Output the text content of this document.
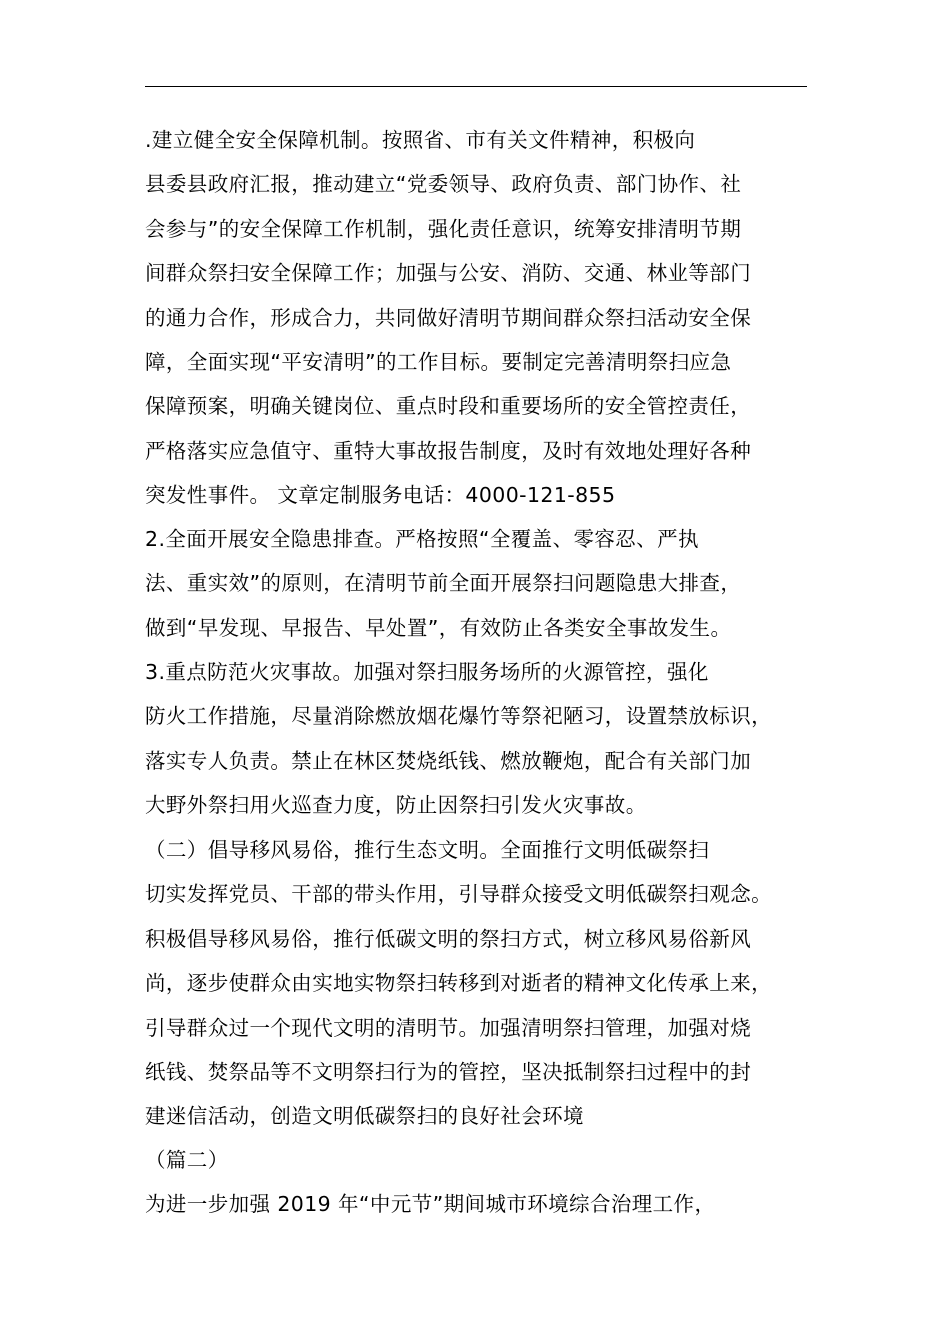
.建立健全安全保障机制。按照省、市有关文件精神，积极向
县委县政府汇报，推动建立“党委领导、政府负责、部门协作、社
会参与”的安全保障工作机制，强化责任意识，统筹安排清明节期
间群众祭扫安全保障工作；加强与公安、消防、交通、林业等部门
的通力合作，形成合力，共同做好清明节期间群众祭扫活动安全保
障，全面实现“平安清明”的工作目标。要制定完善清明祭扫应急
保障预案，明确关键岗位、重点时段和重要场所的安全管控责任，
严格落实应急值守、重特大事故报告制度，及时有效地处理好各种
突发性事件。 文章定制服务电话：4000-121-855
2.全面开展安全隐患排查。严格按照“全覆盖、零容忍、严执
法、重实效”的原则，在清明节前全面开展祭扫问题隐患大排查，
做到“早发现、早报告、早处置”，有效防止各类安全事故发生。
3.重点防范火灾事故。加强对祭扫服务场所的火源管控，强化
防火工作措施，尽量消除燃放烟花爆竹等祭祀陋习，设置禁放标识，
落实专人负责。禁止在林区焚烧纸钱、燃放鞭炮，配合有关部门加
大野外祭扫用火巡查力度，防止因祭扫引发火灾事故。
（二）倡导移风易俗，推行生态文明。全面推行文明低碳祭扫
切实发挥党员、干部的带头作用，引导群众接受文明低碳祭扫观念。
积极倡导移风易俗，推行低碳文明的祭扫方式，树立移风易俗新风
尚，逐步使群众由实地实物祭扫转移到对逝者的精神文化传承上来，
引导群众过一个现代文明的清明节。加强清明祭扫管理，加强对烧
纸钱、焚祭品等不文明祭扫行为的管控，坚决抵制祭扫过程中的封
建迷信活动，创造文明低碳祭扫的良好社会环境
（篇二）
为进一步加强 2019 年“中元节”期间城市环境综合治理工作，
